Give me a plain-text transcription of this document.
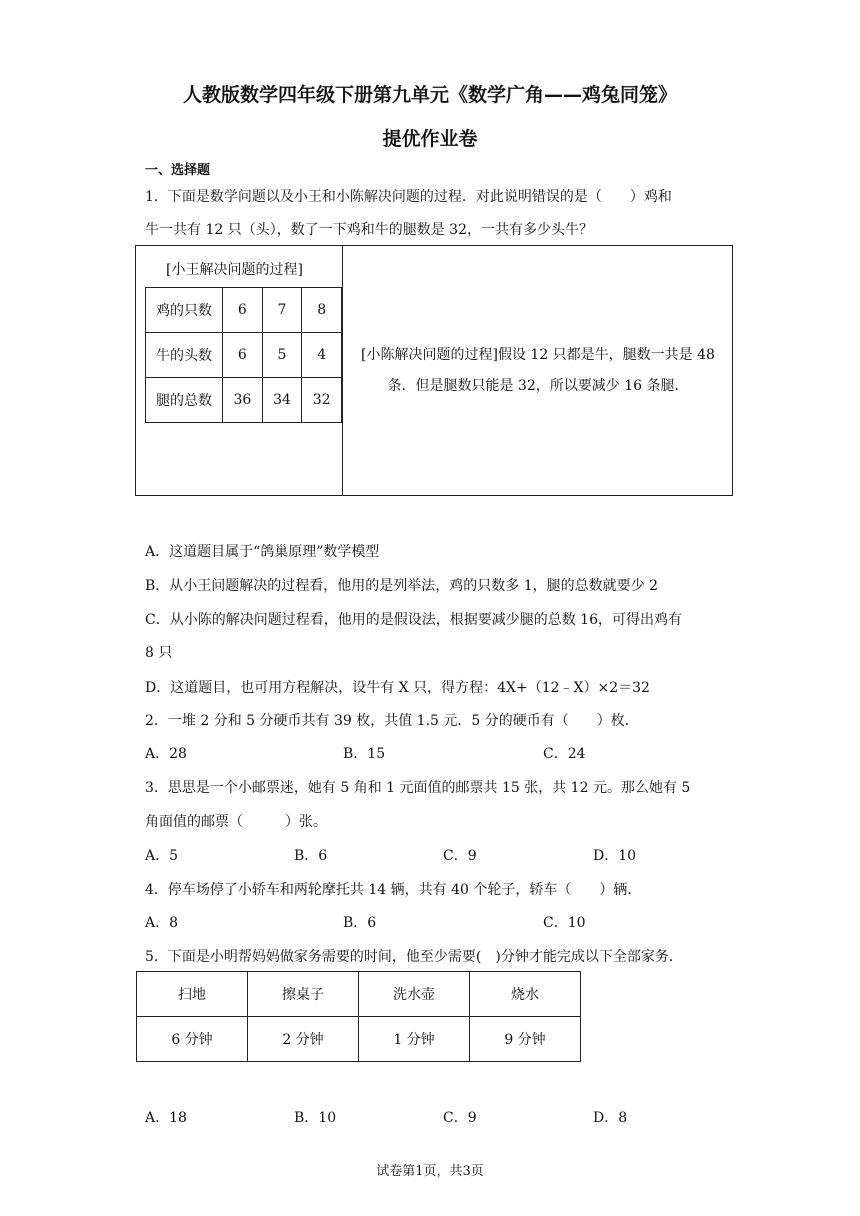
人教版数学四年级下册第九单元《数学广角——鸡兔同笼》
提优作业卷
一、选择题
1．下面是数学问题以及小王和小陈解决问题的过程．对此说明错误的是（　　）鸡和
牛一共有 12 只（头），数了一下鸡和牛的腿数是 32，一共有多少头牛？
[小王解决问题的过程]
鸡的只数	6	7	8
牛的头数	6	5	4
腿的总数	36	34	32
[小陈解决问题的过程]假设 12 只都是牛，腿数一共是 48 条．但是腿数只能是 32，所以要减少 16 条腿．
A．这道题目属于“鸽巢原理”数学模型
B．从小王问题解决的过程看，他用的是列举法，鸡的只数多 1，腿的总数就要少 2
C．从小陈的解决问题过程看，他用的是假设法，根据要减少腿的总数 16，可得出鸡有
8 只
D．这道题目，也可用方程解决，设牛有 X 只，得方程：4X+（12﹣X）×2＝32
2．一堆 2 分和 5 分硬币共有 39 枚，共值 1.5 元．5 分的硬币有（　　）枚．
A．28	B．15	C．24
3．思思是一个小邮票迷，她有 5 角和 1 元面值的邮票共 15 张，共 12 元。那么她有 5
角面值的邮票（　　　）张。
A．5	B．6	C．9	D．10
4．停车场停了小轿车和两轮摩托共 14 辆，共有 40 个轮子，轿车（　　）辆．
A．8	B．6	C．10
5．下面是小明帮妈妈做家务需要的时间，他至少需要(　)分钟才能完成以下全部家务．
扫地	擦桌子	洗水壶	烧水
6 分钟	2 分钟	1 分钟	9 分钟
A．18	B．10	C．9	D．8
试卷第1页，共3页
